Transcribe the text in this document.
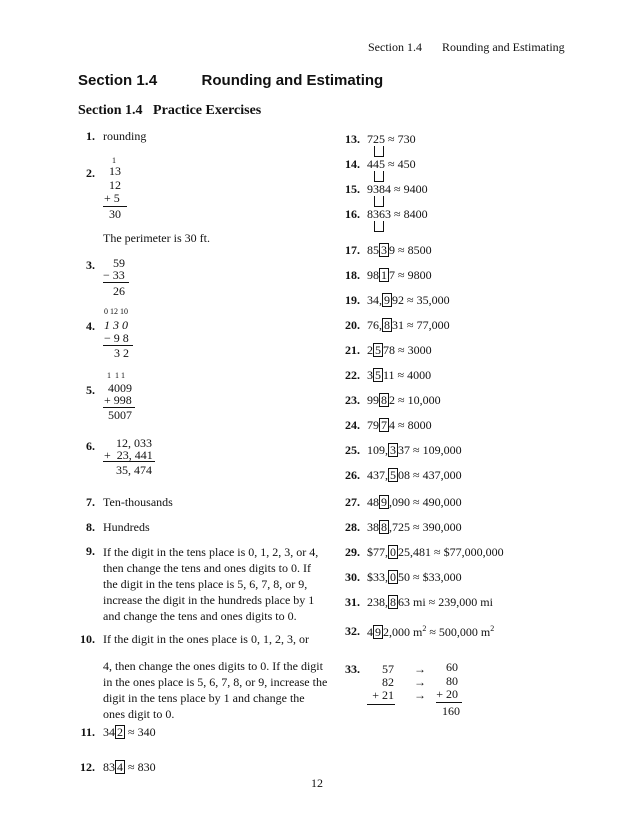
Section 1.4 Rounding and Estimating
Section 1.4	Rounding and Estimating
Section 1.4   Practice Exercises
1. rounding
1
2. 13
12
+ 5
30
The perimeter is 30 ft.
3. 59
− 33
26
0 12 10
4. 1 3 0
− 9 8
3 2
1  1 1
5. 4009
+ 998
5007
6. 12, 033
+  23, 441
35, 474
7. Ten-thousands
8. Hundreds
9. If the digit in the tens place is 0, 1, 2, 3, or 4, then change the tens and ones digits to 0. If the digit in the tens place is 5, 6, 7, 8, or 9, increase the digit in the hundreds place by 1 and change the tens and ones digits to 0.
10. If the digit in the ones place is 0, 1, 2, 3, or
4, then change the ones digits to 0. If the digit in the ones place is 5, 6, 7, 8, or 9, increase the digit in the tens place by 1 and change the ones digit to 0.
11. 34 2 ≈ 340
12. 83 4 ≈ 830
13. 725 ≈ 730
14. 445 ≈ 450
15. 9384 ≈ 9400
16. 8363 ≈ 8400
17. 85 3 9 ≈ 8500
18. 98 1 7 ≈ 9800
19. 34, 9 92 ≈ 35,000
20. 76, 8 31 ≈ 77,000
21. 2 5 78 ≈ 3000
22. 3 5 11 ≈ 4000
23. 99 8 2 ≈ 10,000
24. 79 7 4 ≈ 8000
25. 109, 3 37 ≈ 109,000
26. 437, 5 08 ≈ 437,000
27. 48 9 ,090 ≈ 490,000
28. 38 8 ,725 ≈ 390,000
29. $77, 0 25,481 ≈ $77,000,000
30. $33, 0 50 ≈ $33,000
31. 238, 8 63 mi ≈ 239,000 mi
32. 4 9 2,000 $m^2 \approx 500,000$ $m^2$
33.	57
82
+ 21
→
→
→
60
80
+ 20
160
12
